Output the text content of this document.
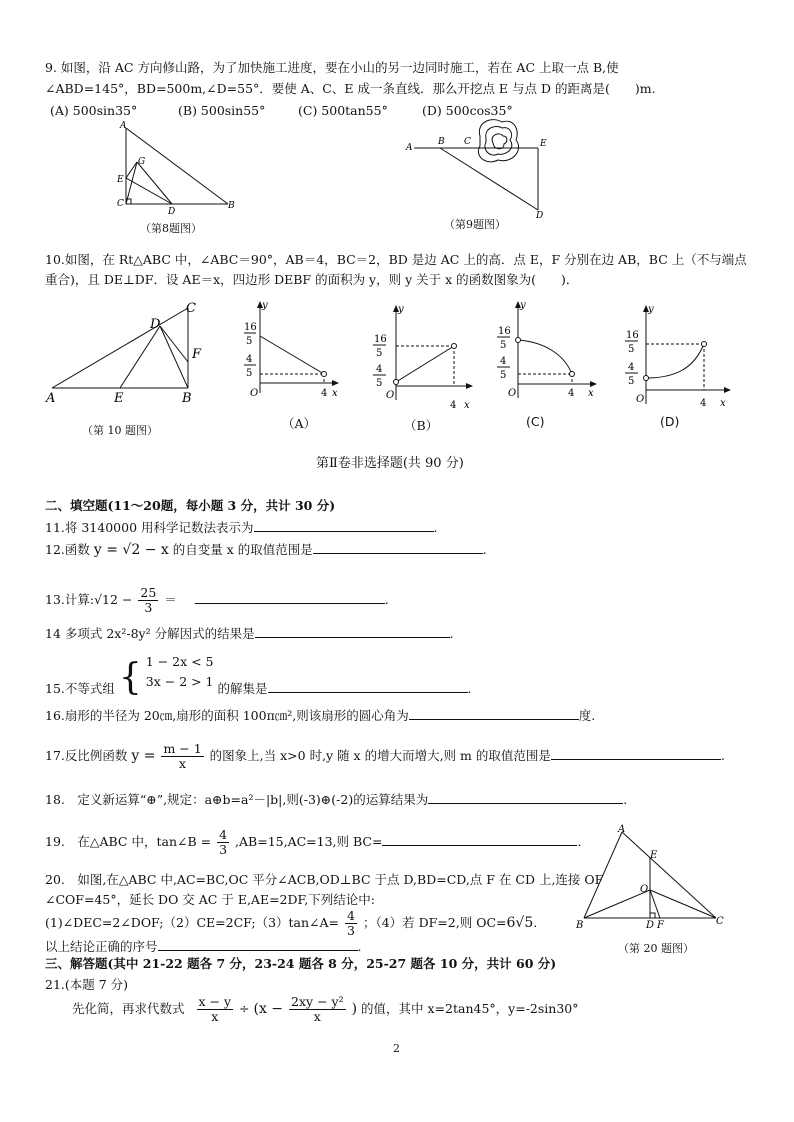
9. 如图，沿 AC 方向修山路，为了加快施工进度，要在小山的另一边同时施工，若在 AC 上取一点 B,使
∠ABD=145°，BD=500m,∠D=55°．要使 A、C、E 成一条直线．那么开挖点 E 与点 D 的距离是(　　)m.
(A) 500sin35°	(B) 500sin55°	(C) 500tan55°	(D) 500cos35°
A
G
E
C
D
B
（第8题图）
A
B C	E
D
（第9题图）
10.如图，在 Rt△ABC 中，∠ABC＝90°，AB＝4，BC＝2，BD 是边 AC 上的高．点 E，F 分别在边 AB，BC 上（不与端点
重合)，且 DE⊥DF．设 AE＝x，四边形 DEBF 的面积为 y，则 y 关于 x 的函数图象为(　　)．
A	E	B
D
C
F
（第 10 题图）
y
x
O
16
5
4
5
4
（A）
y
x
O
16
5
4
5
4
（B）
y
x
O
16
5
4
5
4
(C)
y
x
O
16
5
4
5
4
(D)
第Ⅱ卷非选择题(共 90 分)
二、填空题(11～20题，每小题 3 分，共计 30 分)
11.将 3140000 用科学记数法表示为	.
12.函数 y = √2 − x 的自变量 x 的取值范围是	.
13.计算:√12 − $\frac{25}{3}$ ＝	.
14 多项式 2x²-8y² 分解因式的结果是	.
15.不等式组 { 1 − 2x < 5
3x − 2 > 1 的解集是	.
16.扇形的半径为 20㎝,扇形的面积 100π㎝²,则该扇形的圆心角为	度.
17.反比例函数 $y = \frac{m - 1}{x}$ 的图象上,当 x>0 时,y 随 x 的增大而增大,则 m 的取值范围是	.
18.　定义新运算“⊕”,规定：a⊕b=a²－|b|,则(-3)⊕(-2)的运算结果为	.
19.　在△ABC 中，tan∠B = $\frac{4}{3} ,AB=15,AC=13$,则 BC=	.
20.　如图,在△ABC 中,AC=BC,OC 平分∠ACB,OD⊥BC 于点 D,BD=CD,点 F 在 CD 上,连接 OF
∠COF=45°，延长 DO 交 AC 于 E,AE=2DF,下列结论中:
(1)∠DEC=2∠DOF;（2）CE=2CF;（3）tan∠A= $\frac{4}{3}$ ；（4）若 DF=2,则 OC=6√5.
以上结论正确的序号	.
A
E
O
B	D F	C
（第 20 题图）
三、解答题(其中 21-22 题各 7 分，23-24 题各 8 分，25-27 题各 10 分，共计 60 分)
21.(本题 7 分)
先化简，再求代数式 $\frac{x - y}{x} \div (x - \frac{\text{2xy − y²}}{x}$ ) 的值，其中 x=2tan45°，y=-2sin30°
2
